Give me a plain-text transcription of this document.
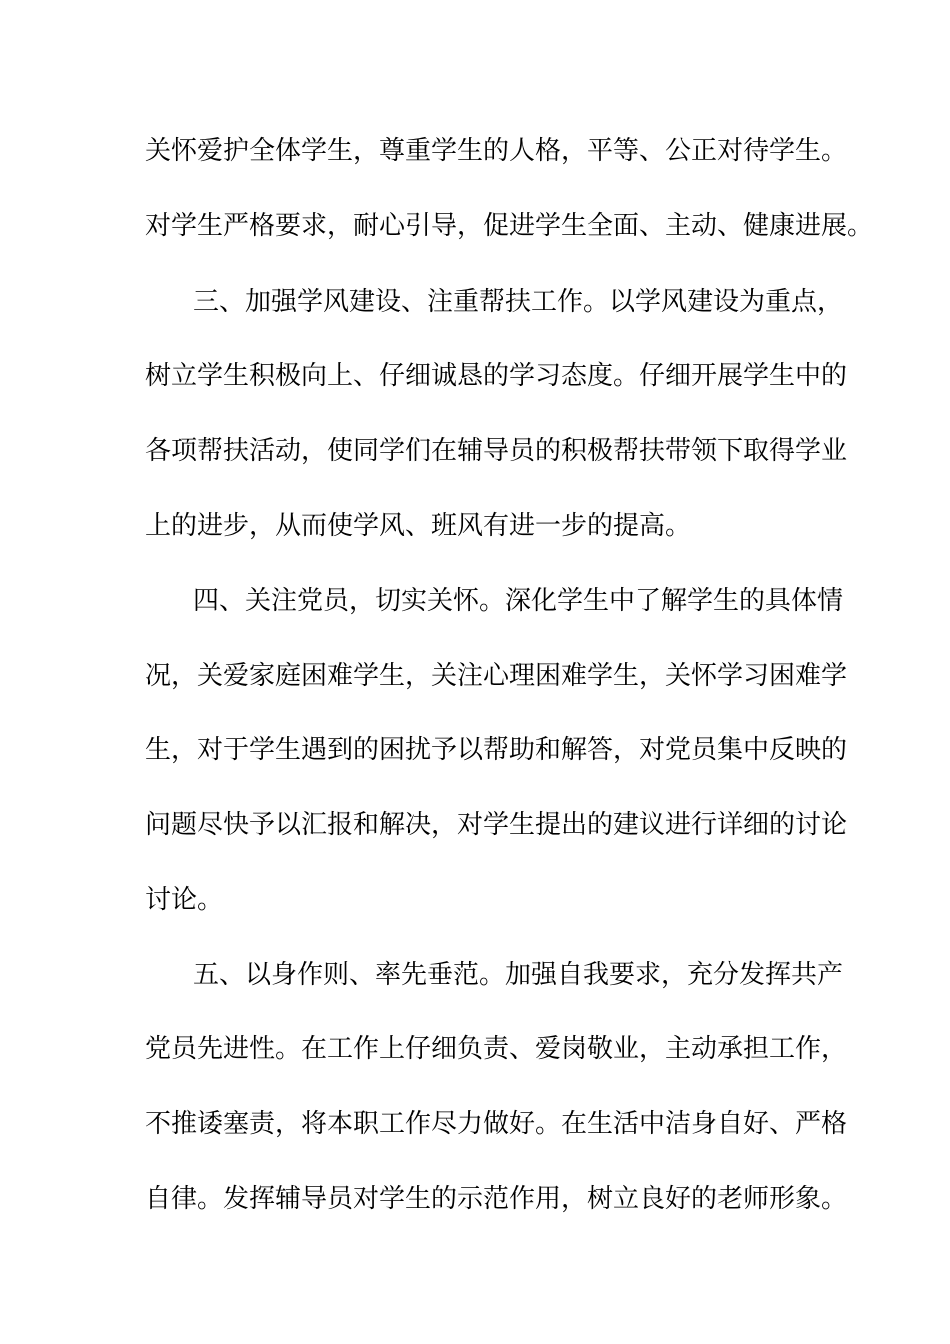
关怀爱护全体学生，尊重学生的人格，平等、公正对待学生。
对学生严格要求，耐心引导，促进学生全面、主动、健康进展。
三、加强学风建设、注重帮扶工作。以学风建设为重点，
树立学生积极向上、仔细诚恳的学习态度。仔细开展学生中的
各项帮扶活动，使同学们在辅导员的积极帮扶带领下取得学业
上的进步，从而使学风、班风有进一步的提高。
四、关注党员，切实关怀。深化学生中了解学生的具体情
况，关爱家庭困难学生，关注心理困难学生，关怀学习困难学
生，对于学生遇到的困扰予以帮助和解答，对党员集中反映的
问题尽快予以汇报和解决，对学生提出的建议进行详细的讨论
讨论。
五、以身作则、率先垂范。加强自我要求，充分发挥共产
党员先进性。在工作上仔细负责、爱岗敬业，主动承担工作，
不推诿塞责，将本职工作尽力做好。在生活中洁身自好、严格
自律。发挥辅导员对学生的示范作用，树立良好的老师形象。
